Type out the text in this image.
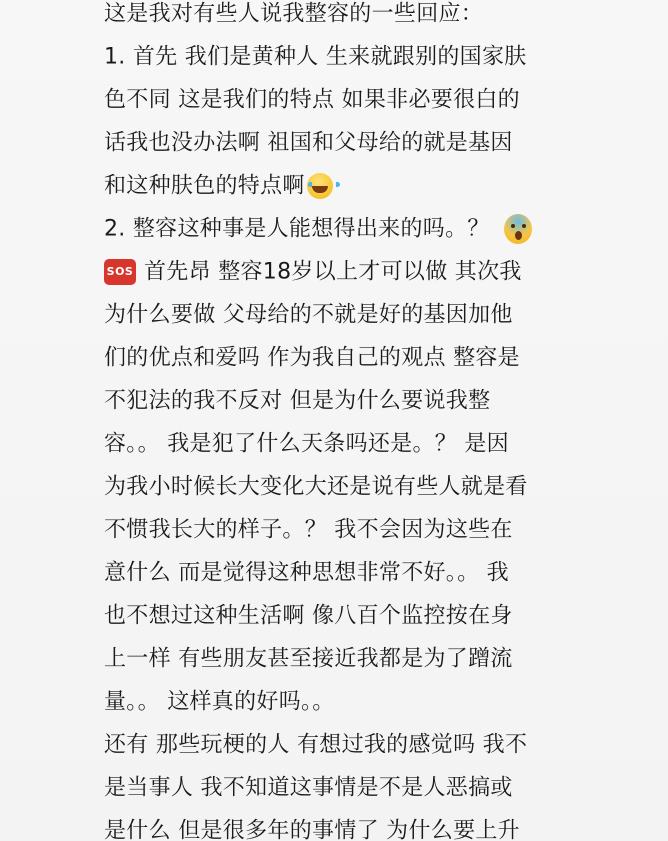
这是我对有些人说我整容的一些回应：
1. 首先 我们是黄种人 生来就跟别的国家肤
色不同 这是我们的特点 如果非必要很白的
话我也没办法啊 祖国和父母给的就是基因
和这种肤色的特点啊
2. 整容这种事是人能想得出来的吗。？
SOS 首先昂 整容18岁以上才可以做 其次我
为什么要做 父母给的不就是好的基因加他
们的优点和爱吗 作为我自己的观点 整容是
不犯法的我不反对 但是为什么要说我整
容。。 我是犯了什么天条吗还是。？ 是因
为我小时候长大变化大还是说有些人就是看
不惯我长大的样子。？ 我不会因为这些在
意什么 而是觉得这种思想非常不好。。 我
也不想过这种生活啊 像八百个监控按在身
上一样 有些朋友甚至接近我都是为了蹭流
量。。 这样真的好吗。。
还有 那些玩梗的人 有想过我的感觉吗 我不
是当事人 我不知道这事情是不是人恶搞或
是什么 但是很多年的事情了 为什么要上升
